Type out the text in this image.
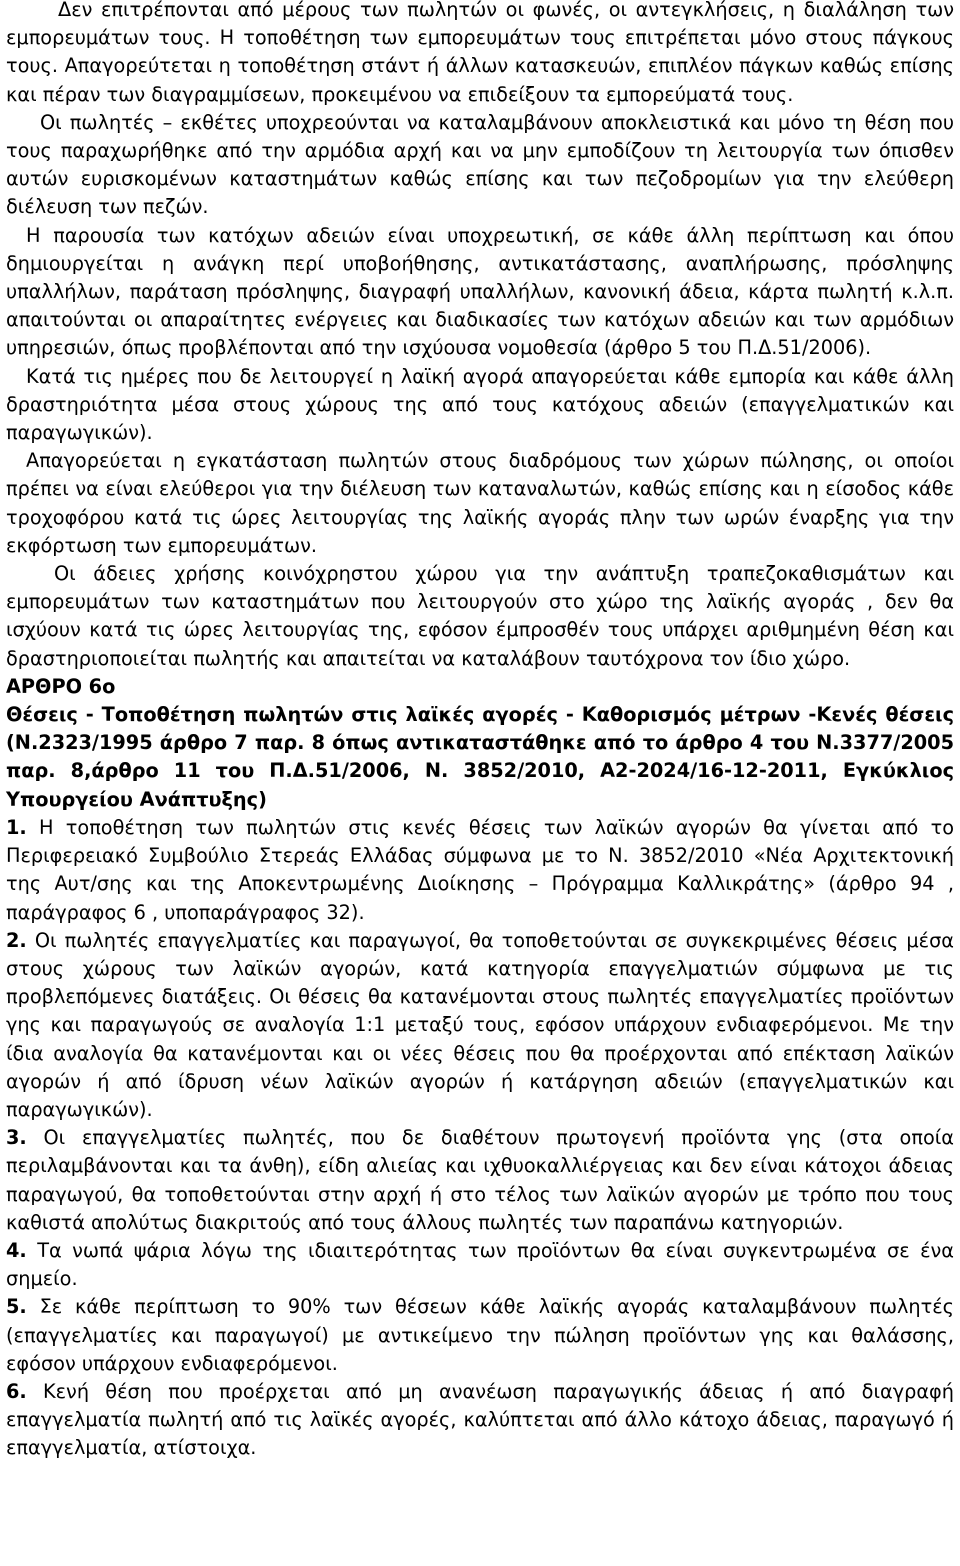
Δεν επιτρέπονται από μέρους των πωλητών οι φωνές, οι αντεγκλήσεις, η διαλάληση των εμπορευμάτων τους. Η τοποθέτηση των εμπορευμάτων τους επιτρέπεται μόνο στους πάγκους τους. Απαγορεύτεται η τοποθέτηση στάντ ή άλλων κατασκευών, επιπλέον πάγκων καθώς επίσης και πέραν των διαγραμμίσεων, προκειμένου να επιδείξουν τα εμπορεύματά τους.

Οι πωλητές – εκθέτες υποχρεούνται να καταλαμβάνουν αποκλειστικά και μόνο τη θέση που τους παραχωρήθηκε από την αρμόδια αρχή και να μην εμποδίζουν τη λειτουργία των όπισθεν αυτών ευρισκομένων καταστημάτων καθώς επίσης και των πεζοδρομίων για την ελεύθερη διέλευση των πεζών.

Η παρουσία των κατόχων αδειών είναι υποχρεωτική, σε κάθε άλλη περίπτωση και όπου δημιουργείται η ανάγκη περί υποβοήθησης, αντικατάστασης, αναπλήρωσης, πρόσληψης υπαλλήλων, παράταση πρόσληψης, διαγραφή υπαλλήλων, κανονική άδεια, κάρτα πωλητή κ.λ.π. απαιτούνται οι απαραίτητες ενέργειες και διαδικασίες των κατόχων αδειών και των αρμόδιων υπηρεσιών, όπως προβλέπονται από την ισχύουσα νομοθεσία (άρθρο 5 του Π.Δ.51/2006).

Κατά τις ημέρες που δε λειτουργεί η λαϊκή αγορά απαγορεύεται κάθε εμπορία και κάθε άλλη δραστηριότητα μέσα στους χώρους της από τους κατόχους αδειών (επαγγελματικών και παραγωγικών).

Απαγορεύεται η εγκατάσταση πωλητών στους διαδρόμους των χώρων πώλησης, οι οποίοι πρέπει να είναι ελεύθεροι για την διέλευση των καταναλωτών, καθώς επίσης και η είσοδος κάθε τροχοφόρου κατά τις ώρες λειτουργίας της λαϊκής αγοράς πλην των ωρών έναρξης για την εκφόρτωση των εμπορευμάτων.

Οι άδειες χρήσης κοινόχρηστου χώρου για την ανάπτυξη τραπεζοκαθισμάτων και εμπορευμάτων των καταστημάτων που λειτουργούν στο χώρο της λαϊκής αγοράς , δεν θα ισχύουν κατά τις ώρες λειτουργίας της, εφόσον έμπροσθέν τους υπάρχει αριθμημένη θέση και δραστηριοποιείται πωλητής και απαιτείται να καταλάβουν ταυτόχρονα τον ίδιο χώρο.

ΑΡΘΡΟ 6ο

Θέσεις - Τοποθέτηση πωλητών στις λαϊκές αγορές - Καθορισμός μέτρων -Κενές θέσεις (Ν.2323/1995 άρθρο 7 παρ. 8 όπως αντικαταστάθηκε από το άρθρο 4 του Ν.3377/2005 παρ. 8,άρθρο 11 του Π.Δ.51/2006, Ν. 3852/2010, Α2-2024/16-12-2011, Εγκύκλιος Υπουργείου Ανάπτυξης)

1. Η τοποθέτηση των πωλητών στις κενές θέσεις των λαϊκών αγορών θα γίνεται από το Περιφερειακό Συμβούλιο Στερεάς Ελλάδας σύμφωνα με το Ν. 3852/2010 «Νέα Αρχιτεκτονική της Αυτ/σης και της Αποκεντρωμένης Διοίκησης – Πρόγραμμα Καλλικράτης» (άρθρο 94 , παράγραφος 6 , υποπαράγραφος 32).

2. Οι πωλητές επαγγελματίες και παραγωγοί, θα τοποθετούνται σε συγκεκριμένες θέσεις μέσα στους χώρους των λαϊκών αγορών, κατά κατηγορία επαγγελματιών σύμφωνα με τις προβλεπόμενες διατάξεις. Οι θέσεις θα κατανέμονται στους πωλητές επαγγελματίες προϊόντων γης και παραγωγούς σε αναλογία 1:1 μεταξύ τους, εφόσον υπάρχουν ενδιαφερόμενοι. Με την ίδια αναλογία θα κατανέμονται και οι νέες θέσεις που θα προέρχονται από επέκταση λαϊκών αγορών ή από ίδρυση νέων λαϊκών αγορών ή κατάργηση αδειών (επαγγελματικών και παραγωγικών).

3. Οι επαγγελματίες πωλητές, που δε διαθέτουν πρωτογενή προϊόντα γης (στα οποία περιλαμβάνονται και τα άνθη), είδη αλιείας και ιχθυοκαλλιέργειας και δεν είναι κάτοχοι άδειας παραγωγού, θα τοποθετούνται στην αρχή ή στο τέλος των λαϊκών αγορών με τρόπο που τους καθιστά απολύτως διακριτούς από τους άλλους πωλητές των παραπάνω κατηγοριών.

4. Τα νωπά ψάρια λόγω της ιδιαιτερότητας των προϊόντων θα είναι συγκεντρωμένα σε ένα σημείο.

5. Σε κάθε περίπτωση το 90% των θέσεων κάθε λαϊκής αγοράς καταλαμβάνουν πωλητές (επαγγελματίες και παραγωγοί) με αντικείμενο την πώληση προϊόντων γης και θαλάσσης, εφόσον υπάρχουν ενδιαφερόμενοι.

6. Κενή θέση που προέρχεται από μη ανανέωση παραγωγικής άδειας ή από διαγραφή επαγγελματία πωλητή από τις λαϊκές αγορές, καλύπτεται από άλλο κάτοχο άδειας, παραγωγό ή επαγγελματία, ατίστοιχα.
